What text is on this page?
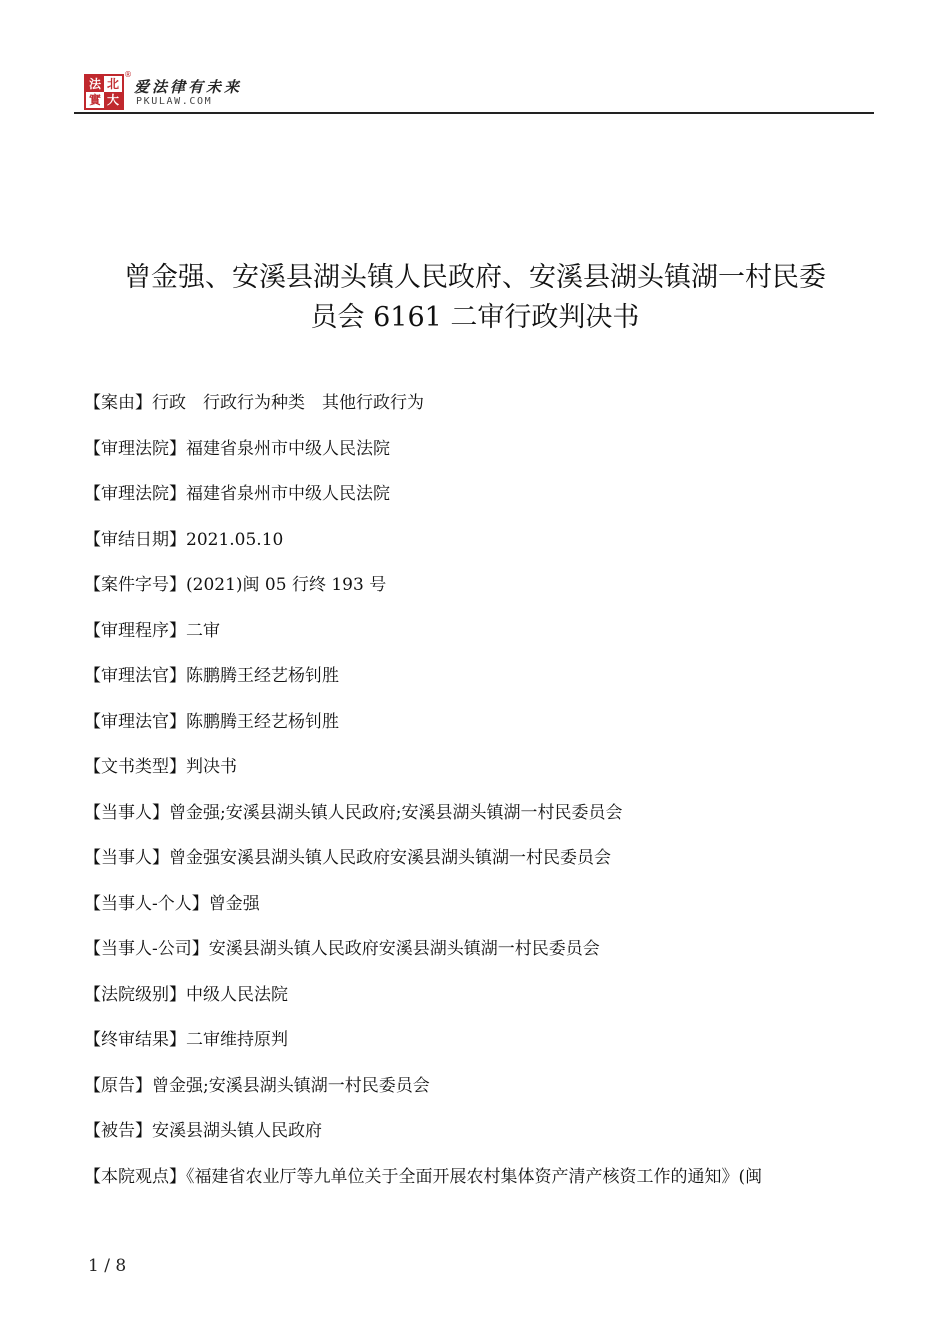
法 北
實 大
®
爱法律有未来
PKULAW.COM
曾金强、安溪县湖头镇人民政府、安溪县湖头镇湖一村民委
员会 6161 二审行政判决书
【案由】行政　行政行为种类　其他行政行为
【审理法院】福建省泉州市中级人民法院
【审理法院】福建省泉州市中级人民法院
【审结日期】2021.05.10
【案件字号】(2021)闽 05 行终 193 号
【审理程序】二审
【审理法官】陈鹏腾王经艺杨钊胜
【审理法官】陈鹏腾王经艺杨钊胜
【文书类型】判决书
【当事人】曾金强;安溪县湖头镇人民政府;安溪县湖头镇湖一村民委员会
【当事人】曾金强安溪县湖头镇人民政府安溪县湖头镇湖一村民委员会
【当事人-个人】曾金强
【当事人-公司】安溪县湖头镇人民政府安溪县湖头镇湖一村民委员会
【法院级别】中级人民法院
【终审结果】二审维持原判
【原告】曾金强;安溪县湖头镇湖一村民委员会
【被告】安溪县湖头镇人民政府
【本院观点】《福建省农业厅等九单位关于全面开展农村集体资产清产核资工作的通知》(闽
1 / 8
